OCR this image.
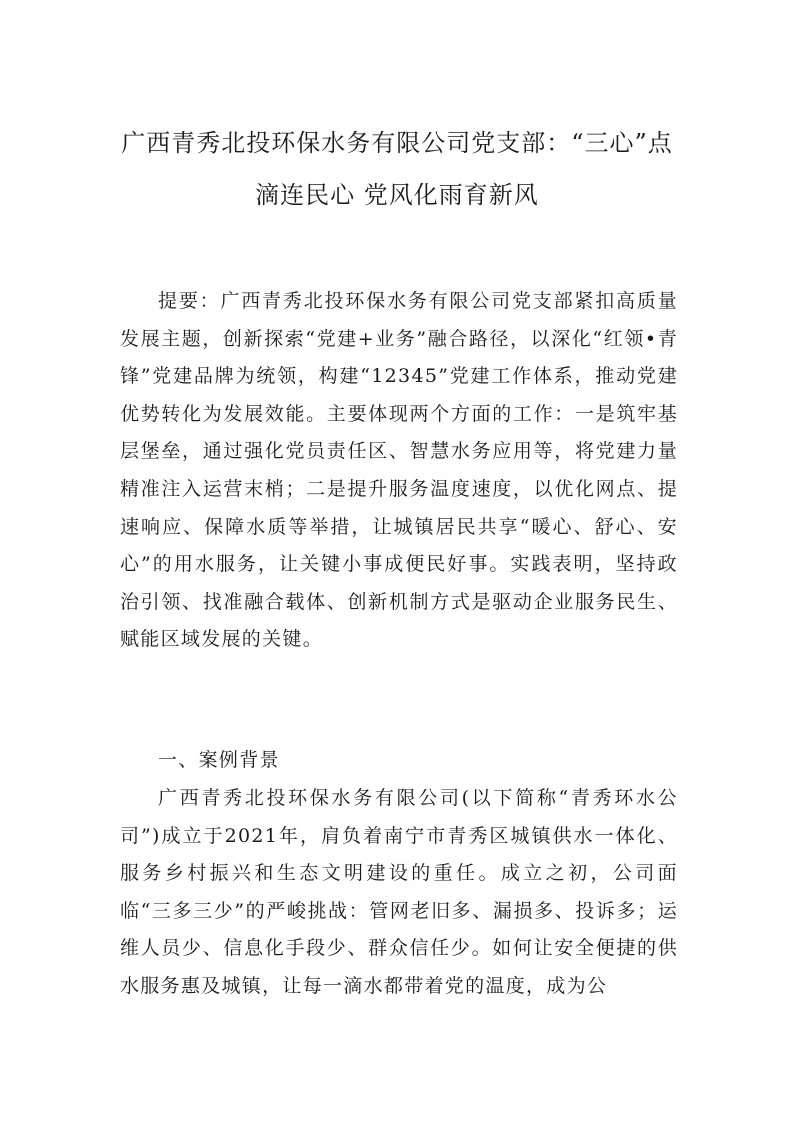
广西青秀北投环保水务有限公司党支部：“三心”点
滴连民心 党风化雨育新风

提要：广西青秀北投环保水务有限公司党支部紧扣高质量发展主题，创新探索“党建+业务”融合路径，以深化“红领•青锋”党建品牌为统领，构建“12345”党建工作体系，推动党建优势转化为发展效能。主要体现两个方面的工作：一是筑牢基层堡垒，通过强化党员责任区、智慧水务应用等，将党建力量精准注入运营末梢；二是提升服务温度速度，以优化网点、提速响应、保障水质等举措，让城镇居民共享“暖心、舒心、安心”的用水服务，让关键小事成便民好事。实践表明，坚持政治引领、找准融合载体、创新机制方式是驱动企业服务民生、赋能区域发展的关键。

一、案例背景

广西青秀北投环保水务有限公司(以下简称“青秀环水公司”)成立于2021年，肩负着南宁市青秀区城镇供水一体化、服务乡村振兴和生态文明建设的重任。成立之初，公司面临“三多三少”的严峻挑战：管网老旧多、漏损多、投诉多；运维人员少、信息化手段少、群众信任少。如何让安全便捷的供水服务惠及城镇，让每一滴水都带着党的温度，成为公
